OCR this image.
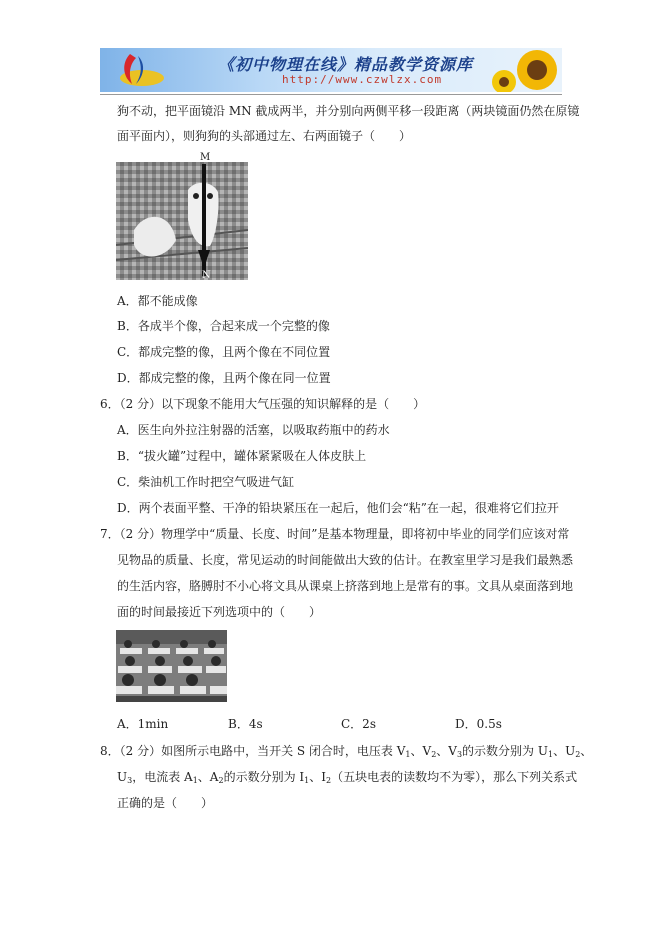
《初中物理在线》精品教学资源库
http://www.czwlzx.com
狗不动，把平面镜沿 MN 截成两半，并分别向两侧平移一段距离（两块镜面仍然在原镜
面平面内），则狗狗的头部通过左、右两面镜子（　　）
M
N
A．都不能成像
B．各成半个像，合起来成一个完整的像
C．都成完整的像，且两个像在不同位置
D．都成完整的像，且两个像在同一位置
6．（2 分）以下现象不能用大气压强的知识解释的是（　　）
A．医生向外拉注射器的活塞，以吸取药瓶中的药水
B．“拔火罐”过程中，罐体紧紧吸在人体皮肤上
C．柴油机工作时把空气吸进气缸
D．两个表面平整、干净的铅块紧压在一起后，他们会“粘”在一起，很难将它们拉开
7．（2 分）物理学中“质量、长度、时间”是基本物理量，即将初中毕业的同学们应该对常
见物品的质量、长度，常见运动的时间能做出大致的估计。在教室里学习是我们最熟悉
的生活内容，胳膊肘不小心将文具从课桌上挤落到地上是常有的事。文具从桌面落到地
面的时间最接近下列选项中的（　　）
A．1min	B．4s	C．2s	D．0.5s
8．（2 分）如图所示电路中，当开关 S 闭合时，电压表 $V_1$、$V_2$、$V_3$的示数分别为 $U_1$、$U_2$、
$U_3$，电流表 $A_1$、$A_2$的示数分别为 $I_1$、$I_2$（五块电表的读数均不为零），那么下列关系式
正确的是（　　）
